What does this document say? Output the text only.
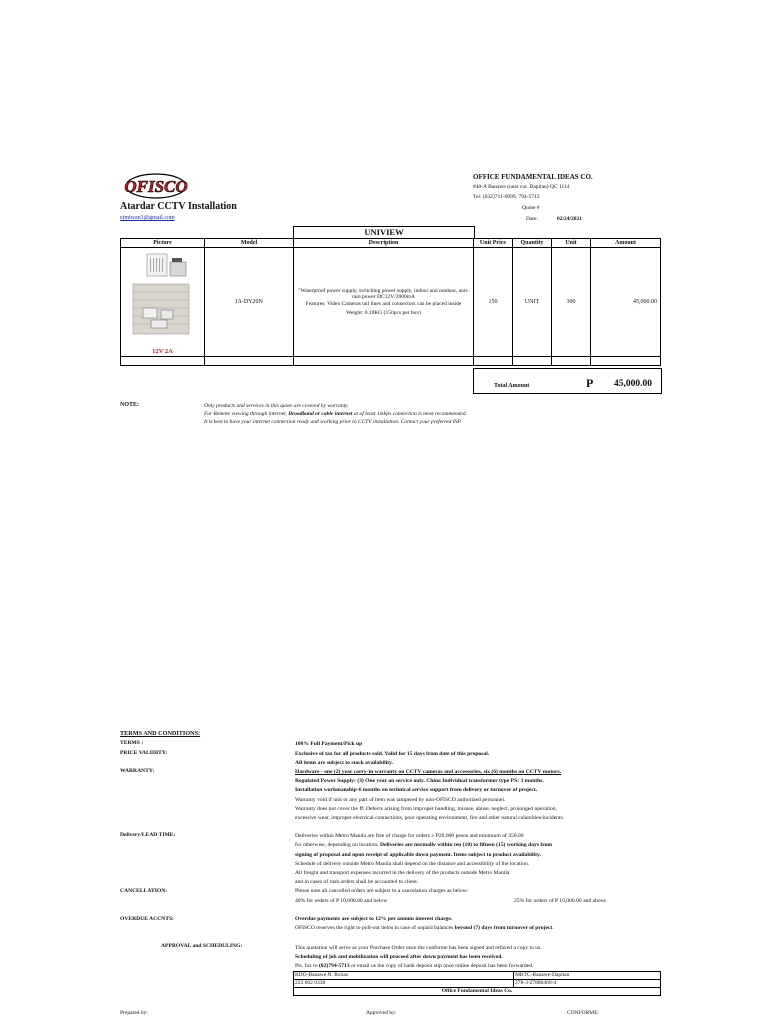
OFISCO
Atardar CCTV Installation
ejmiwan1@gmail.com
OFFICE FUNDAMENTAL IDEAS CO.
#40-A Banawe (near cor. Dapitan) QC 1114
Tel: (632)711-0099, 794-5713
Quote #
Date:	02/24/2021
UNIVIEW
Picture	Model	Description	Unit Price	Quantity	Unit	Amount

12V 2A	JA-DY20N	"Waterproof power supply, switching power supply, indoor and outdoor, anti-rain power DC12V/2000mA
Features: Video Cameras tail lines and connectors can be placed inside
Weight: 0.18KG (150pcs per box)	150	UNIT	300	45,000.00

Total Amount	P 45,000.00
NOTE:	Only products and services in this quote are covered by warranty.
For Remote viewing through internet, Broadband or cable internet at of least 1mbps connection is most recommended.
It is best to have your internet connection ready and working prior to CCTV installation. Contact your preferred ISP.
TERMS AND CONDITIONS:
TERMS :	100% Full Payment/Pick up
PRICE VALIDITY:	Exclusive of tax for all products sold. Valid for 15 days from date of this proposal.
All items are subject to stock availability.
WARRANTY:	Hardware - one (2) year carry-in warranty on CCTV cameras and accessories, six (6) months on CCTV motors.
Regulated Power Supply: (3) One year on service only. China Individual transformer type PS: 3 months.
Installation workmanship-6 months on technical service support from delivery or turnover of project.
Warranty void if unit or any part of item was tampered by non-OFISCO authorized personnel.
Warranty does not cover the ff: Defects arising from improper handling, misuse, abuse, neglect, prolonged operation,
excessive wear, improper electrical connections, poor operating environment, fire and other natural calamities/incidents.
Delivery/LEAD TIME:	Deliveries within Metro Manila are free of charge for orders ≥ P20,000 pesos and minimum of 350.00
for otherwise, depending on location. Deliveries are normally within ten (10) to fifteen (15) working days from
signing of proposal and upon receipt of applicable down payment. Items subject to product availability.
Schedule of delivery outside Metro Manila shall depend on the distance and accessibility of the location.
All freight and transport expenses incurred in the delivery of the products outside Metro Manila
and in cases of rush orders shall be accounted to client.
CANCELLATION:	Please note all cancelled orders are subject to a cancelation charges as below:
40% for orders of P 10,000.00 and below	25% for orders of P 10,000.00 and above.
OVERDUE ACCNTS:	Overdue payments are subject to 12% per annum interest charge.
OFISCO reserves the right to pull-out items in case of unpaid balances beyond (7) days from turnover of project.
APPROVAL and SCHEDULING:	This quotation will serve as your Purchase Order once the conforme has been signed and refaxed a copy to us.
Scheduling of job and mobilization will proceed after down payment has been received.
Pls. fax to (02)794-5713 or email us the copy of bank deposit slip once online deposit has been forwarded.
BDO-Banawe N. Roxas	MBTC-Banawe-Dapitan
223 002 0338	278-3-27880469-4
Office Fundamental Ideas Co.	
Prepared by:	Approved by:	CONFORME:
